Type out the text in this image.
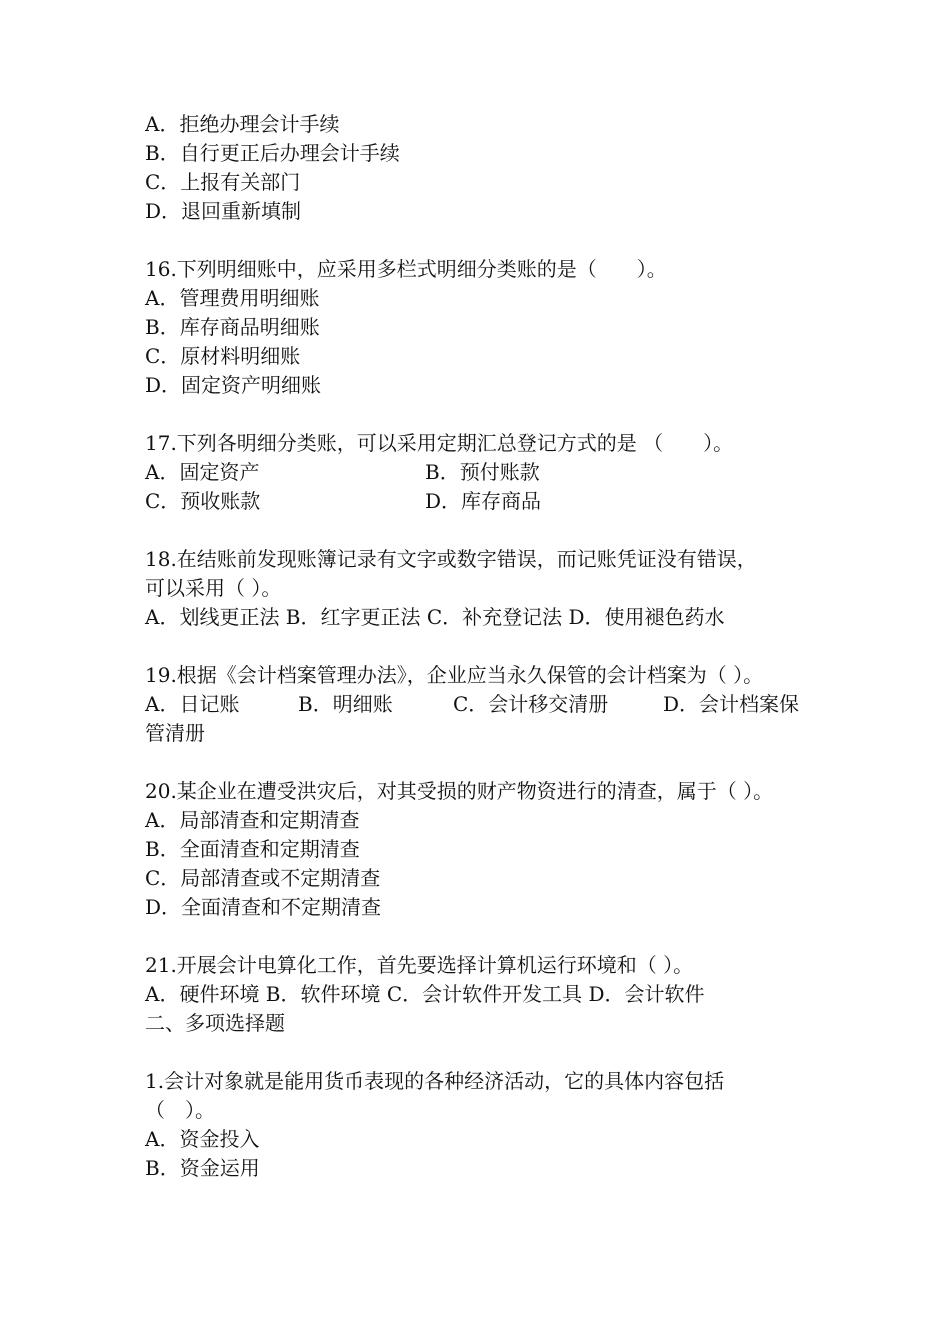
A．拒绝办理会计手续
B．自行更正后办理会计手续
C．上报有关部门
D．退回重新填制
16.下列明细账中，应采用多栏式明细分类账的是（　　）。
A．管理费用明细账
B．库存商品明细账
C．原材料明细账
D．固定资产明细账
17.下列各明细分类账，可以采用定期汇总登记方式的是 （　　）。
A．固定资产	B．预付账款
C．预收账款	D．库存商品
18.在结账前发现账簿记录有文字或数字错误，而记账凭证没有错误，
可以采用（ ）。
A．划线更正法 B．红字更正法 C．补充登记法 D．使用褪色药水
19.根据《会计档案管理办法》，企业应当永久保管的会计档案为（ ）。
A．日记账	B．明细账	C．会计移交清册	D．会计档案保
管清册
20.某企业在遭受洪灾后，对其受损的财产物资进行的清查，属于（ ）。
A．局部清查和定期清查
B．全面清查和定期清查
C．局部清查或不定期清查
D．全面清查和不定期清查
21.开展会计电算化工作，首先要选择计算机运行环境和（ ）。
A．硬件环境 B．软件环境 C．会计软件开发工具 D．会计软件
二、多项选择题
1.会计对象就是能用货币表现的各种经济活动，它的具体内容包括
（　）。
A．资金投入
B．资金运用
